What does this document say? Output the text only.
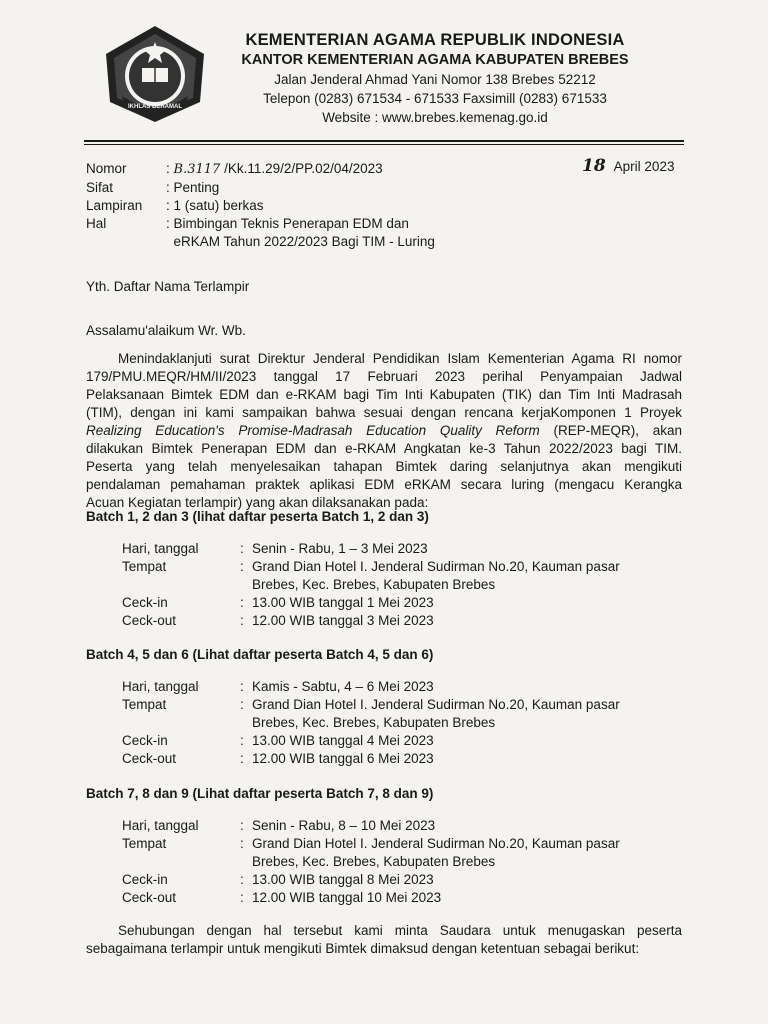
IKHLAS BERAMAL
KEMENTERIAN AGAMA REPUBLIK INDONESIA
KANTOR KEMENTERIAN AGAMA KABUPATEN BREBES
Jalan Jenderal Ahmad Yani Nomor 138 Brebes 52212
Telepon (0283) 671534 - 671533 Faxsimill (0283) 671533
Website : www.brebes.kemenag.go.id
Nomor	: B.3117 /Kk.11.29/2/PP.02/04/2023
Sifat	: Penting
Lampiran	: 1 (satu) berkas
Hal	: Bimbingan Teknis Penerapan EDM dan
eRKAM Tahun 2022/2023 Bagi TIM - Luring
18 April 2023
Yth. Daftar Nama Terlampir
Assalamu'alaikum Wr. Wb.
Menindaklanjuti surat Direktur Jenderal Pendidikan Islam Kementerian Agama RI nomor
179/PMU.MEQR/HM/II/2023 tanggal 17 Februari 2023 perihal Penyampaian Jadwal
Pelaksanaan Bimtek EDM dan e-RKAM bagi Tim Inti Kabupaten (TIK) dan Tim Inti Madrasah
(TIM), dengan ini kami sampaikan bahwa sesuai dengan rencana kerjaKomponen 1 Proyek
Realizing Education's Promise-Madrasah Education Quality Reform (REP-MEQR), akan
dilakukan Bimtek Penerapan EDM dan e-RKAM Angkatan ke-3 Tahun 2022/2023 bagi TIM.
Peserta yang telah menyelesaikan tahapan Bimtek daring selanjutnya akan mengikuti
pendalaman pemahaman praktek aplikasi EDM eRKAM secara luring (mengacu Kerangka
Acuan Kegiatan terlampir) yang akan dilaksanakan pada:
Batch 1, 2 dan 3 (lihat daftar peserta Batch 1, 2 dan 3)
Hari, tanggal	: Senin - Rabu, 1 – 3 Mei 2023
Tempat	: Grand Dian Hotel I. Jenderal Sudirman No.20, Kauman pasar
Brebes, Kec. Brebes, Kabupaten Brebes
Ceck-in	: 13.00 WIB tanggal 1 Mei 2023
Ceck-out	: 12.00 WIB tanggal 3 Mei 2023
Batch 4, 5 dan 6 (Lihat daftar peserta Batch 4, 5 dan 6)
Hari, tanggal	: Kamis - Sabtu, 4 – 6 Mei 2023
Tempat	: Grand Dian Hotel I. Jenderal Sudirman No.20, Kauman pasar
Brebes, Kec. Brebes, Kabupaten Brebes
Ceck-in	: 13.00 WIB tanggal 4 Mei 2023
Ceck-out	: 12.00 WIB tanggal 6 Mei 2023
Batch 7, 8 dan 9 (Lihat daftar peserta Batch 7, 8 dan 9)
Hari, tanggal	: Senin - Rabu, 8 – 10 Mei 2023
Tempat	: Grand Dian Hotel I. Jenderal Sudirman No.20, Kauman pasar
Brebes, Kec. Brebes, Kabupaten Brebes
Ceck-in	: 13.00 WIB tanggal 8 Mei 2023
Ceck-out	: 12.00 WIB tanggal 10 Mei 2023
Sehubungan dengan hal tersebut kami minta Saudara untuk menugaskan peserta
sebagaimana terlampir untuk mengikuti Bimtek dimaksud dengan ketentuan sebagai berikut:
